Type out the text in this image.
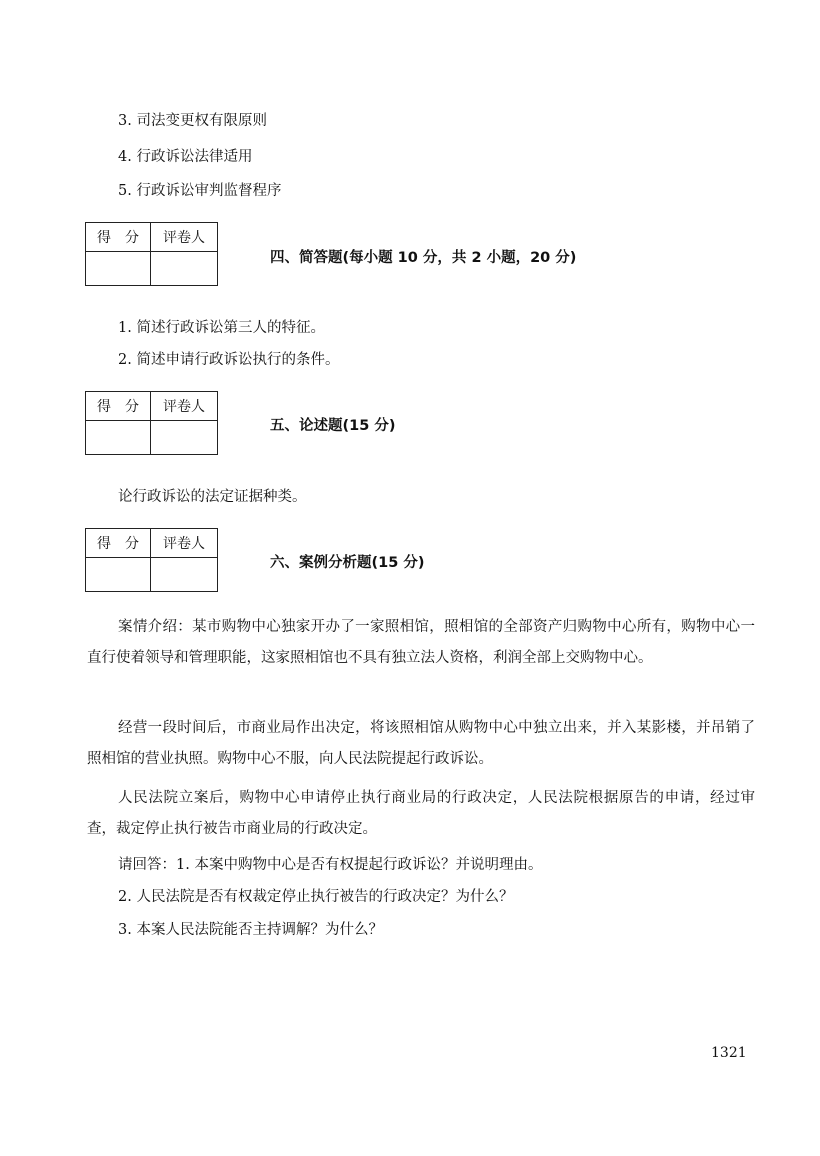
3. 司法变更权有限原则
4. 行政诉讼法律适用
5. 行政诉讼审判监督程序
得　分	评卷人
四、简答题(每小题 10 分，共 2 小题，20 分)
1. 简述行政诉讼第三人的特征。
2. 简述申请行政诉讼执行的条件。
得　分	评卷人
五、论述题(15 分)
论行政诉讼的法定证据种类。
得　分	评卷人
六、案例分析题(15 分)
案情介绍：某市购物中心独家开办了一家照相馆，照相馆的全部资产归购物中心所有，购物中心一直行使着领导和管理职能，这家照相馆也不具有独立法人资格，利润全部上交购物中心。
经营一段时间后，市商业局作出决定，将该照相馆从购物中心中独立出来，并入某影楼，并吊销了照相馆的营业执照。购物中心不服，向人民法院提起行政诉讼。
人民法院立案后，购物中心申请停止执行商业局的行政决定，人民法院根据原告的申请，经过审查，裁定停止执行被告市商业局的行政决定。
请回答：1. 本案中购物中心是否有权提起行政诉讼？并说明理由。
2. 人民法院是否有权裁定停止执行被告的行政决定？为什么？
3. 本案人民法院能否主持调解？为什么？
1321
